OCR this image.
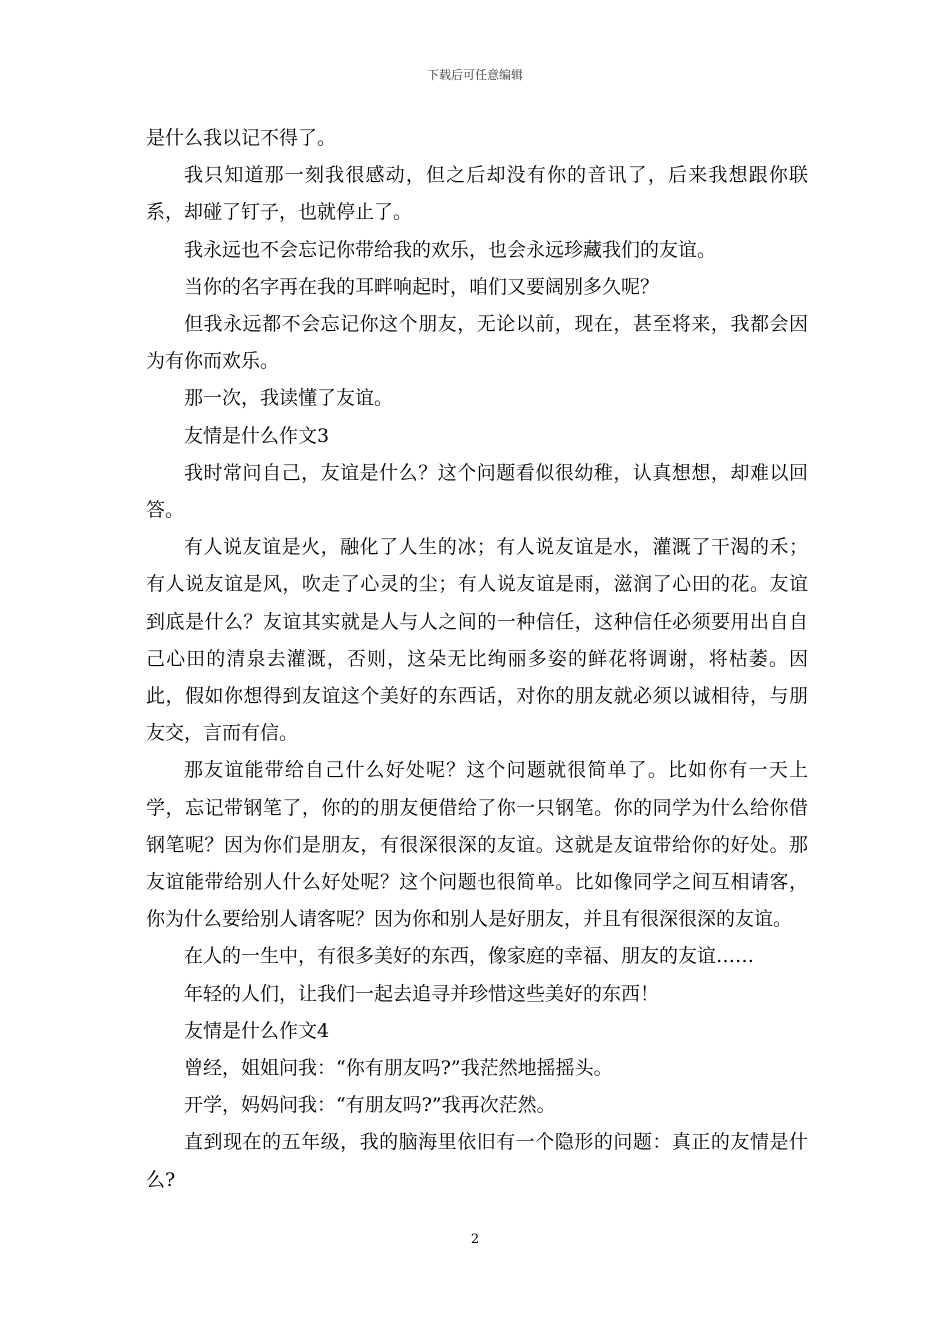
下载后可任意编辑

是什么我以记不得了。

我只知道那一刻我很感动，但之后却没有你的音讯了，后来我想跟你联系，却碰了钉子，也就停止了。

我永远也不会忘记你带给我的欢乐，也会永远珍藏我们的友谊。

当你的名字再在我的耳畔响起时，咱们又要阔别多久呢？

但我永远都不会忘记你这个朋友，无论以前，现在，甚至将来，我都会因为有你而欢乐。

那一次，我读懂了友谊。

友情是什么作文3

我时常问自己，友谊是什么？这个问题看似很幼稚，认真想想，却难以回答。

有人说友谊是火，融化了人生的冰；有人说友谊是水，灌溉了干渴的禾；有人说友谊是风，吹走了心灵的尘；有人说友谊是雨，滋润了心田的花。友谊到底是什么？友谊其实就是人与人之间的一种信任，这种信任必须要用出自自己心田的清泉去灌溉，否则，这朵无比绚丽多姿的鲜花将调谢，将枯萎。因此，假如你想得到友谊这个美好的东西话，对你的朋友就必须以诚相待，与朋友交，言而有信。

那友谊能带给自己什么好处呢？这个问题就很简单了。比如你有一天上学，忘记带钢笔了，你的的朋友便借给了你一只钢笔。你的同学为什么给你借钢笔呢？因为你们是朋友，有很深很深的友谊。这就是友谊带给你的好处。那友谊能带给别人什么好处呢？这个问题也很简单。比如像同学之间互相请客，你为什么要给别人请客呢？因为你和别人是好朋友，并且有很深很深的友谊。

在人的一生中，有很多美好的东西，像家庭的幸福、朋友的友谊……

年轻的人们，让我们一起去追寻并珍惜这些美好的东西！

友情是什么作文4

曾经，姐姐问我：“你有朋友吗?”我茫然地摇摇头。

开学，妈妈问我：“有朋友吗?”我再次茫然。

直到现在的五年级，我的脑海里依旧有一个隐形的问题：真正的友情是什么?

2
